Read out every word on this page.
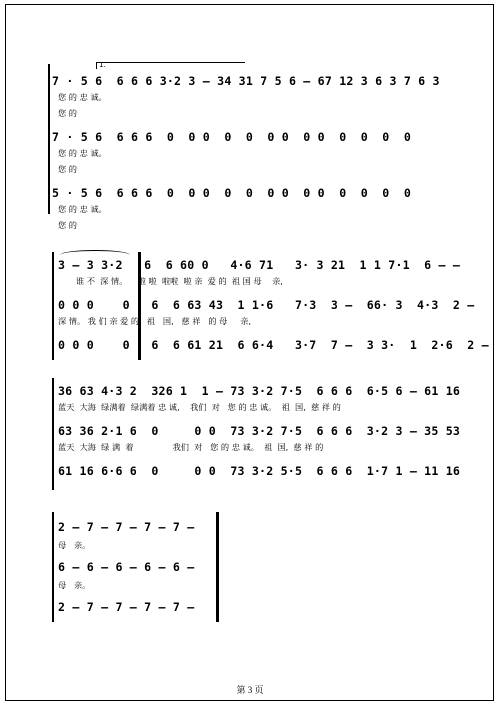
1.
7 · 5 6  6 6 6 3·2 3 — 34 31 7 5 6 — 67 12 3 6 3 7 6 3
您 的 忠 诚。
您 的
7 · 5 6  6 6 6  0  0 0  0  0  0 0  0 0  0  0  0  0
您 的 忠 诚。
您 的
5 · 5 6  6 6 6  0  0 0  0  0  0 0  0 0  0  0  0  0
您 的 忠 诚。
您 的
3 — 3 3·2   6  6 60 0   4·6 71   3· 3 21  1 1 7·1  6 — —
谁 不  深 情。    啦 啦  啦啦  啦 亲  爱 的  祖 国 母    亲,
0 0 0    0   6  6 63 43  1 1·6   7·3  3 —  66· 3  4·3  2 —
深 情。 我 们 亲 爱 的   祖   国,   慈 祥   的 母     亲,
0 0 0    0   6  6 61 21  6 6·4   3·7  7 —  3 3·  1  2·6  2 —
36 63 4·3 2  326 1  1 — 73 3·2 7·5  6 6 6  6·5 6 — 61 16
蓝天  大海  绿满着  绿满着 忠 诚,    我们  对   您 的 忠 诚。  祖  国,  慈 祥 的
63 36 2·1 6  0     0 0  73 3·2 7·5  6 6 6  3·2 3 — 35 53
蓝天  大海  绿 满  着               我们  对   您 的 忠 诚。  祖  国,  慈 祥 的
61 16 6·6 6  0     0 0  73 3·2 5·5  6 6 6  1·7 1 — 11 16
2 — 7 — 7 — 7 — 7 —
母   亲。
6 — 6 — 6 — 6 — 6 —
母   亲。
2 — 7 — 7 — 7 — 7 —
第 3 页
